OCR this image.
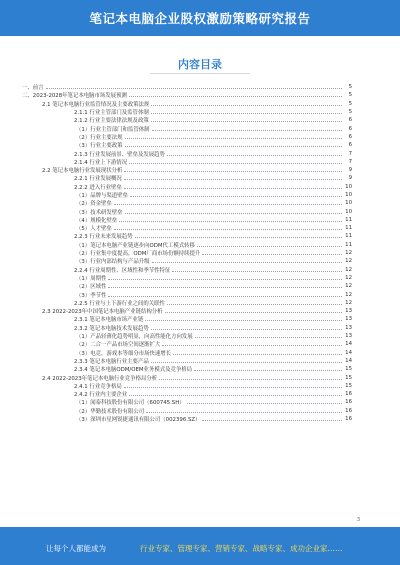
笔记本电脑企业股权激励策略研究报告
内容目录
一、前言	5
二、2023-2028年笔记本电脑市场发展预测	5
2.1 笔记本电脑行业监管情况及主要政策法规	5
2.1.1 行业主管部门及监管体制	5
2.1.2 行业主要法律法规及政策	6
（1）行业主管部门和监管体制	6
（2）行业主要法规	6
（3）行业主要政策	6
2.1.3 行业发展前景、壁垒及发展趋势	7
2.1.4 行业上下游情况	7
2.2 笔记本电脑行业发展现状分析	9
2.2.1 行业发展概况	9
2.2.2 进入行业壁垒	10
（1）品牌与渠道壁垒	10
（2）资金壁垒	10
（3）技术研发壁垒	10
（4）规模化壁垒	11
（5）人才壁垒	11
2.2.3 行业未来发展趋势	11
（1）笔记本电脑产业链逐步向ODM代工模式转移	11
（2）行业集中度提高，ODM厂商市场份额持续提升	12
（3）行业内部结构与产品升级	12
2.2.4 行业周期性、区域性和季节性特征	12
（1）周期性	12
（2）区域性	12
（3）季节性	12
2.2.5 行业与上下游行业之间的关联性	12
2.3 2022-2023年中国笔记本电脑产业链结构分析	13
2.3.1 笔记本电脑市场产业链	13
2.3.2 笔记本电脑技术发展趋势	13
（1）产品轻薄化趋势明显，向高性能化方向发展	13
（2）二合一产品市场空间逐渐扩大	14
（3）电竞、游戏本等细分市场快速增长	14
2.3.3 笔记本电脑行业主要产品	14
2.3.4 笔记本电脑ODM/OEM业务模式及竞争格局	15
2.4 2022-2023年笔记本电脑行业竞争格局分析	15
2.4.1 行业竞争格局	15
2.4.2 行业内主要企业	16
（1）闻泰科技股份有限公司（600745.SH）	16
（2）华勤技术股份有限公司	16
（3）深圳市星网锐捷通讯有限公司（002396.SZ）	16
3
让每个人都能成为	行业专家、管理专家、营销专家、战略专家、成功企业家……
